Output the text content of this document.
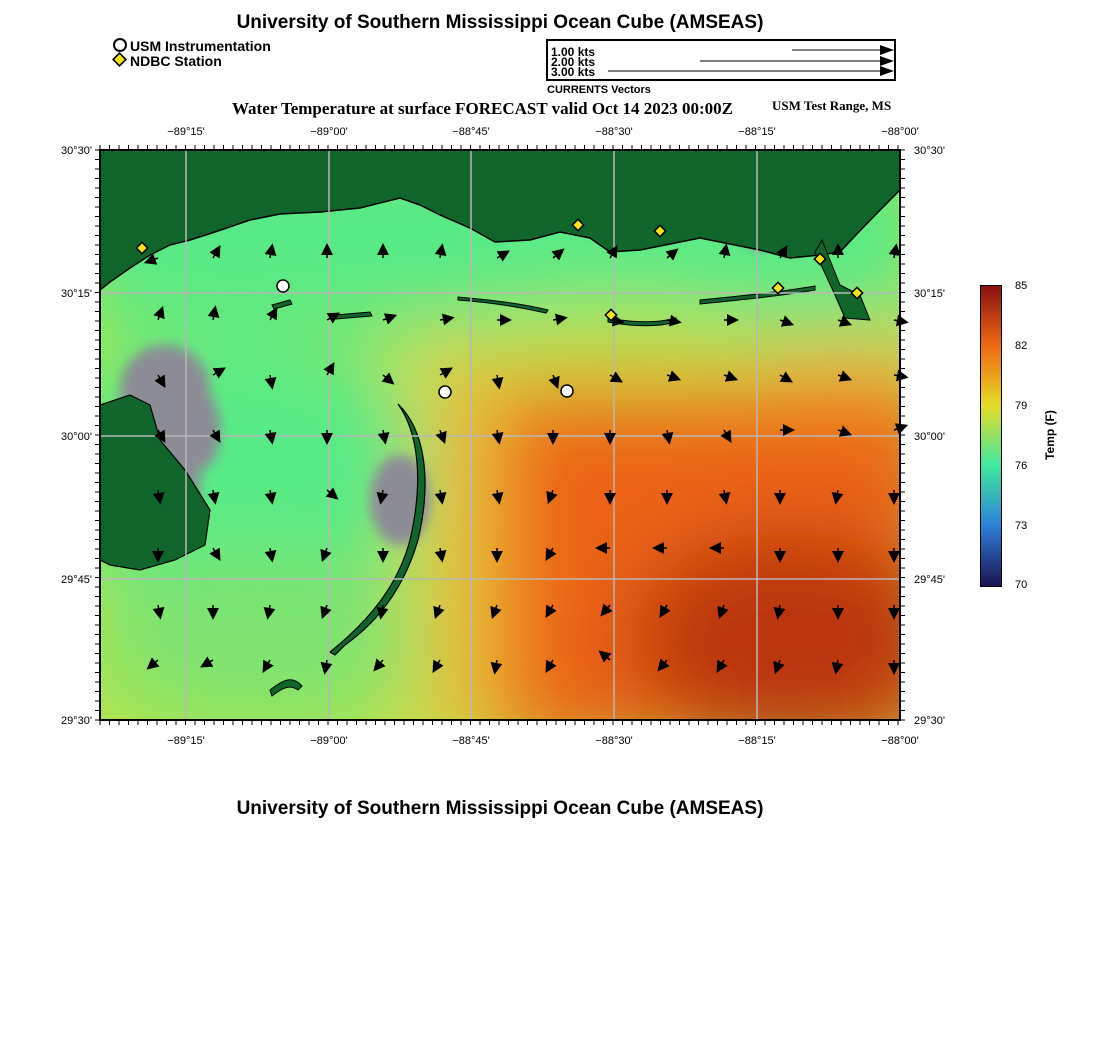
University of Southern Mississippi Ocean Cube (AMSEAS)
USM Instrumentation
NDBC Station
1.00 kts
2.00 kts
3.00 kts
CURRENTS Vectors
Water Temperature at surface FORECAST valid Oct 14 2023 00:00Z	USM Test Range, MS
−89°15'	−89°00'	−88°45'	−88°30'	−88°15'	−88°00'
−89°15'	−89°00'	−88°45'	−88°30'	−88°15'	−88°00'
30°30'
30°15'
30°00'
29°45'
29°30'
30°30'
30°15'
30°00'
29°45'
29°30'
85
82
79
76
73
70
Temp (F)
University of Southern Mississippi Ocean Cube (AMSEAS)
